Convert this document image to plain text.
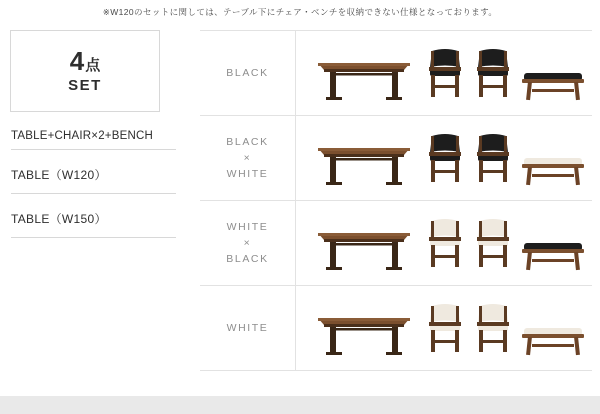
※W120のセットに関しては、テーブル下にチェア・ベンチを収納できない仕様となっております。
4点
SET
TABLE+CHAIR×2+BENCH
TABLE（W120）
TABLE（W150）
BLACK
BLACK
×
WHITE
WHITE
×
BLACK
WHITE
